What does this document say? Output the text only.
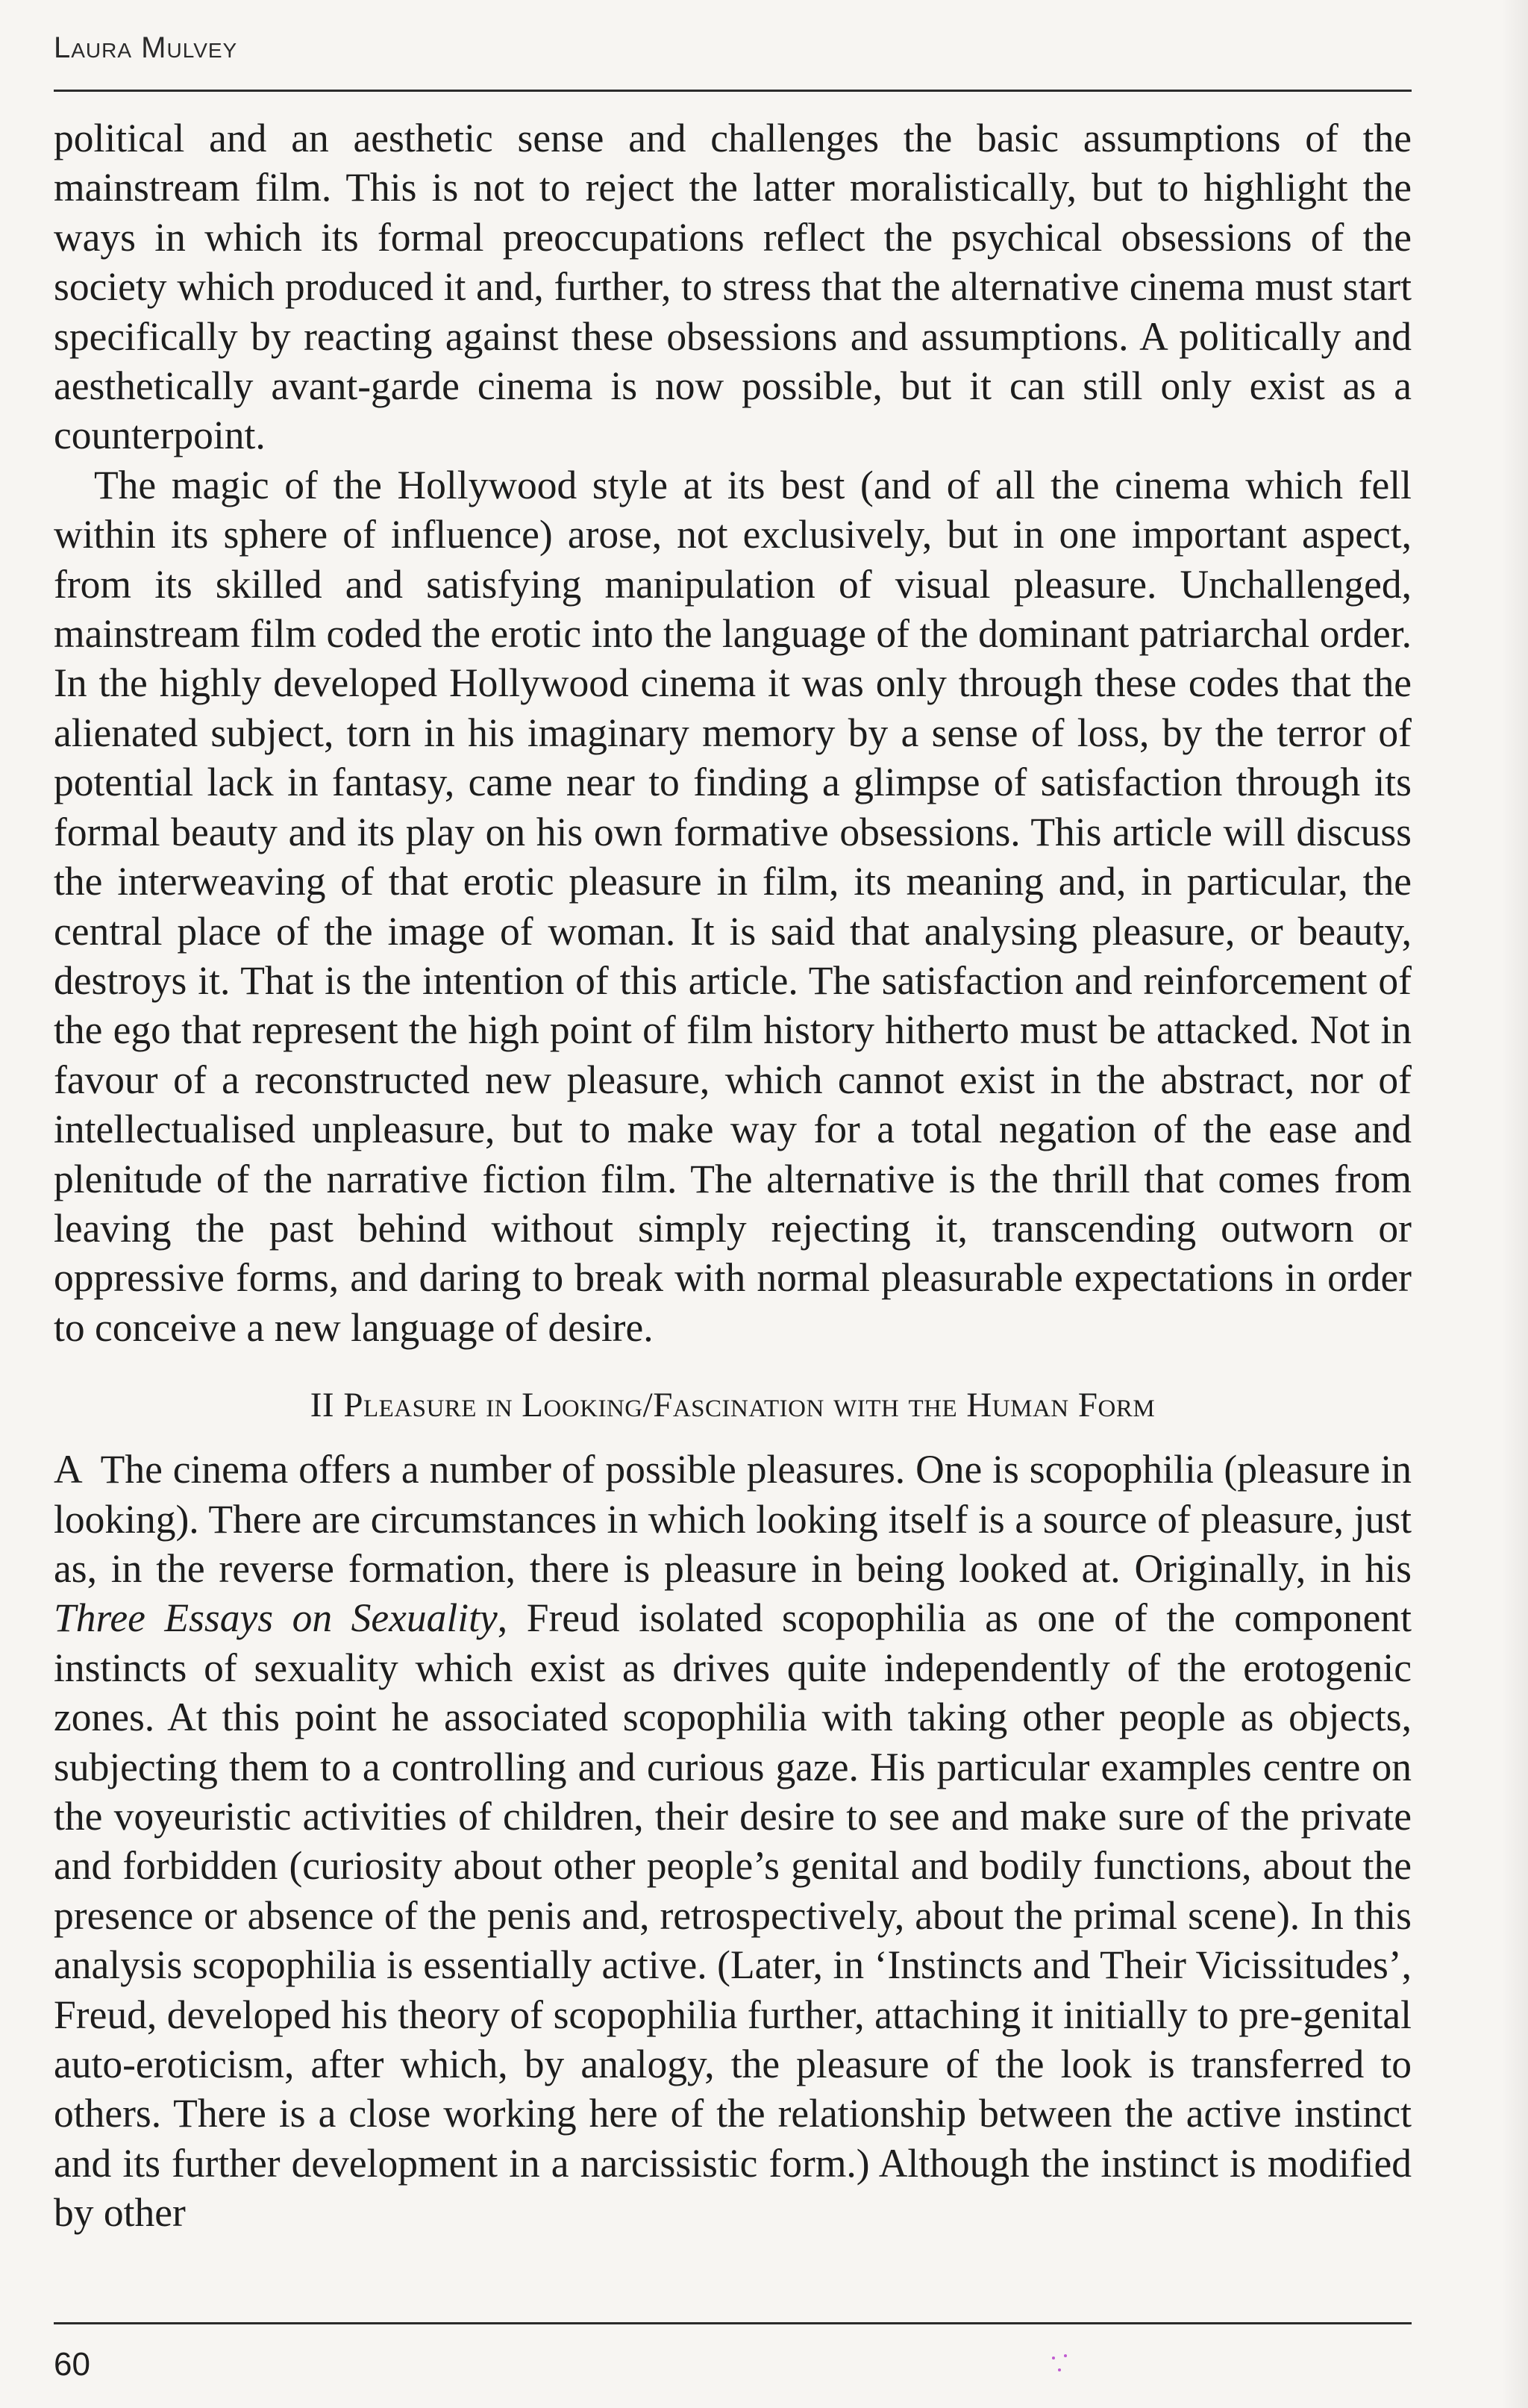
Laura Mulvey

political and an aesthetic sense and challenges the basic assumptions of the mainstream film. This is not to reject the latter moralistically, but to highlight the ways in which its formal preoccupations reflect the psychical obsessions of the society which produced it and, further, to stress that the alternative cinema must start specifically by reacting against these obsessions and assumptions. A politically and aesthetically avant-garde cinema is now possible, but it can still only exist as a counterpoint.

The magic of the Hollywood style at its best (and of all the cinema which fell within its sphere of influence) arose, not exclusively, but in one important aspect, from its skilled and satisfying manipulation of visual pleasure. Unchallenged, mainstream film coded the erotic into the language of the dominant patriarchal order. In the highly developed Hollywood cinema it was only through these codes that the alienated subject, torn in his imaginary memory by a sense of loss, by the terror of potential lack in fantasy, came near to finding a glimpse of satisfaction through its formal beauty and its play on his own formative obsessions. This article will discuss the interweaving of that erotic pleasure in film, its meaning and, in particular, the central place of the image of woman. It is said that analysing pleasure, or beauty, destroys it. That is the intention of this article. The satisfaction and reinforcement of the ego that represent the high point of film history hitherto must be attacked. Not in favour of a reconstructed new pleasure, which cannot exist in the abstract, nor of intellectualised unpleasure, but to make way for a total negation of the ease and plenitude of the narrative fiction film. The alternative is the thrill that comes from leaving the past behind without simply rejecting it, transcending outworn or oppressive forms, and daring to break with normal pleasurable expectations in order to conceive a new language of desire.

II Pleasure in Looking/Fascination with the Human Form

A The cinema offers a number of possible pleasures. One is scopophilia (pleasure in looking). There are circumstances in which looking itself is a source of pleasure, just as, in the reverse formation, there is pleasure in being looked at. Originally, in his Three Essays on Sexuality, Freud isolated scopophilia as one of the component instincts of sexuality which exist as drives quite independently of the erotogenic zones. At this point he associated scopophilia with taking other people as objects, subjecting them to a controlling and curious gaze. His particular examples centre on the voyeuristic activities of children, their desire to see and make sure of the private and forbidden (curiosity about other people’s genital and bodily functions, about the presence or absence of the penis and, retrospectively, about the primal scene). In this analysis scopophilia is essentially active. (Later, in ‘Instincts and Their Vicissitudes’, Freud, developed his theory of scopophilia further, attaching it initially to pre-genital auto-eroticism, after which, by analogy, the pleasure of the look is transferred to others. There is a close working here of the relationship between the active instinct and its further development in a narcissistic form.) Although the instinct is modified by other

60
